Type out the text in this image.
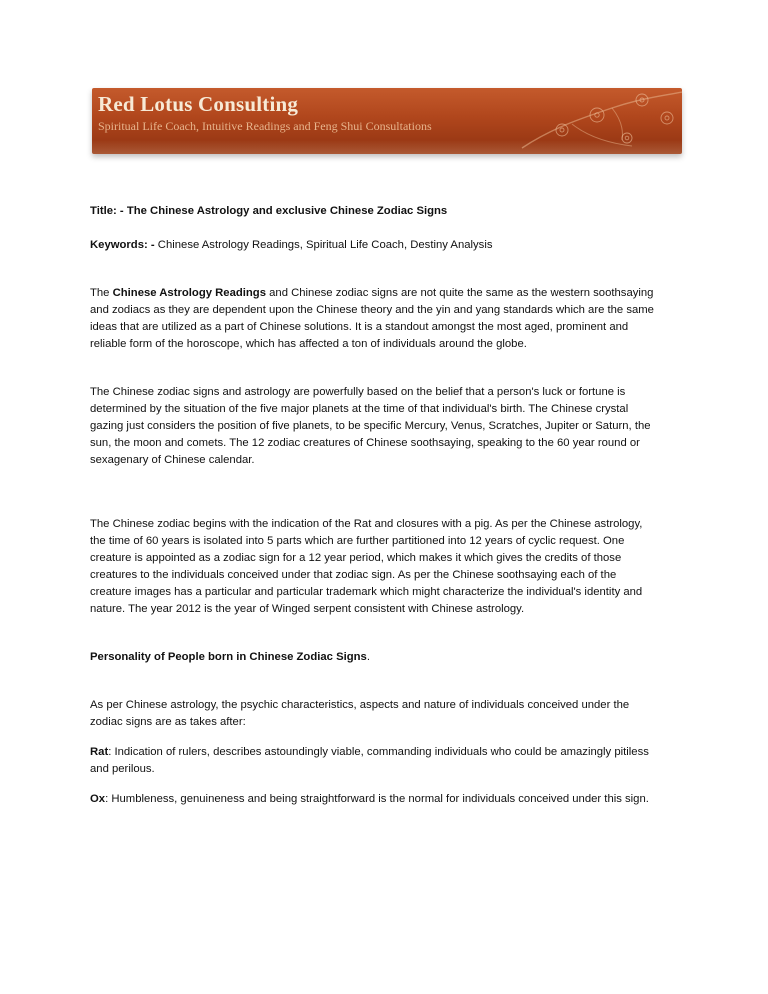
Red Lotus Consulting
Spiritual Life Coach, Intuitive Readings and Feng Shui Consultations

Title: - The Chinese Astrology and exclusive Chinese Zodiac Signs

Keywords: - Chinese Astrology Readings, Spiritual Life Coach, Destiny Analysis

The Chinese Astrology Readings and Chinese zodiac signs are not quite the same as the western soothsaying and zodiacs as they are dependent upon the Chinese theory and the yin and yang standards which are the same ideas that are utilized as a part of Chinese solutions. It is a standout amongst the most aged, prominent and reliable form of the horoscope, which has affected a ton of individuals around the globe.

The Chinese zodiac signs and astrology are powerfully based on the belief that a person's luck or fortune is determined by the situation of the five major planets at the time of that individual's birth. The Chinese crystal gazing just considers the position of five planets, to be specific Mercury, Venus, Scratches, Jupiter or Saturn, the sun, the moon and comets. The 12 zodiac creatures of Chinese soothsaying, speaking to the 60 year round or sexagenary of Chinese calendar.

The Chinese zodiac begins with the indication of the Rat and closures with a pig. As per the Chinese astrology, the time of 60 years is isolated into 5 parts which are further partitioned into 12 years of cyclic request. One creature is appointed as a zodiac sign for a 12 year period, which makes it which gives the credits of those creatures to the individuals conceived under that zodiac sign. As per the Chinese soothsaying each of the creature images has a particular and particular trademark which might characterize the individual's identity and nature. The year 2012 is the year of Winged serpent consistent with Chinese astrology.

Personality of People born in Chinese Zodiac Signs.

As per Chinese astrology, the psychic characteristics, aspects and nature of individuals conceived under the zodiac signs are as takes after:

Rat: Indication of rulers, describes astoundingly viable, commanding individuals who could be amazingly pitiless and perilous.

Ox: Humbleness, genuineness and being straightforward is the normal for individuals conceived under this sign.
